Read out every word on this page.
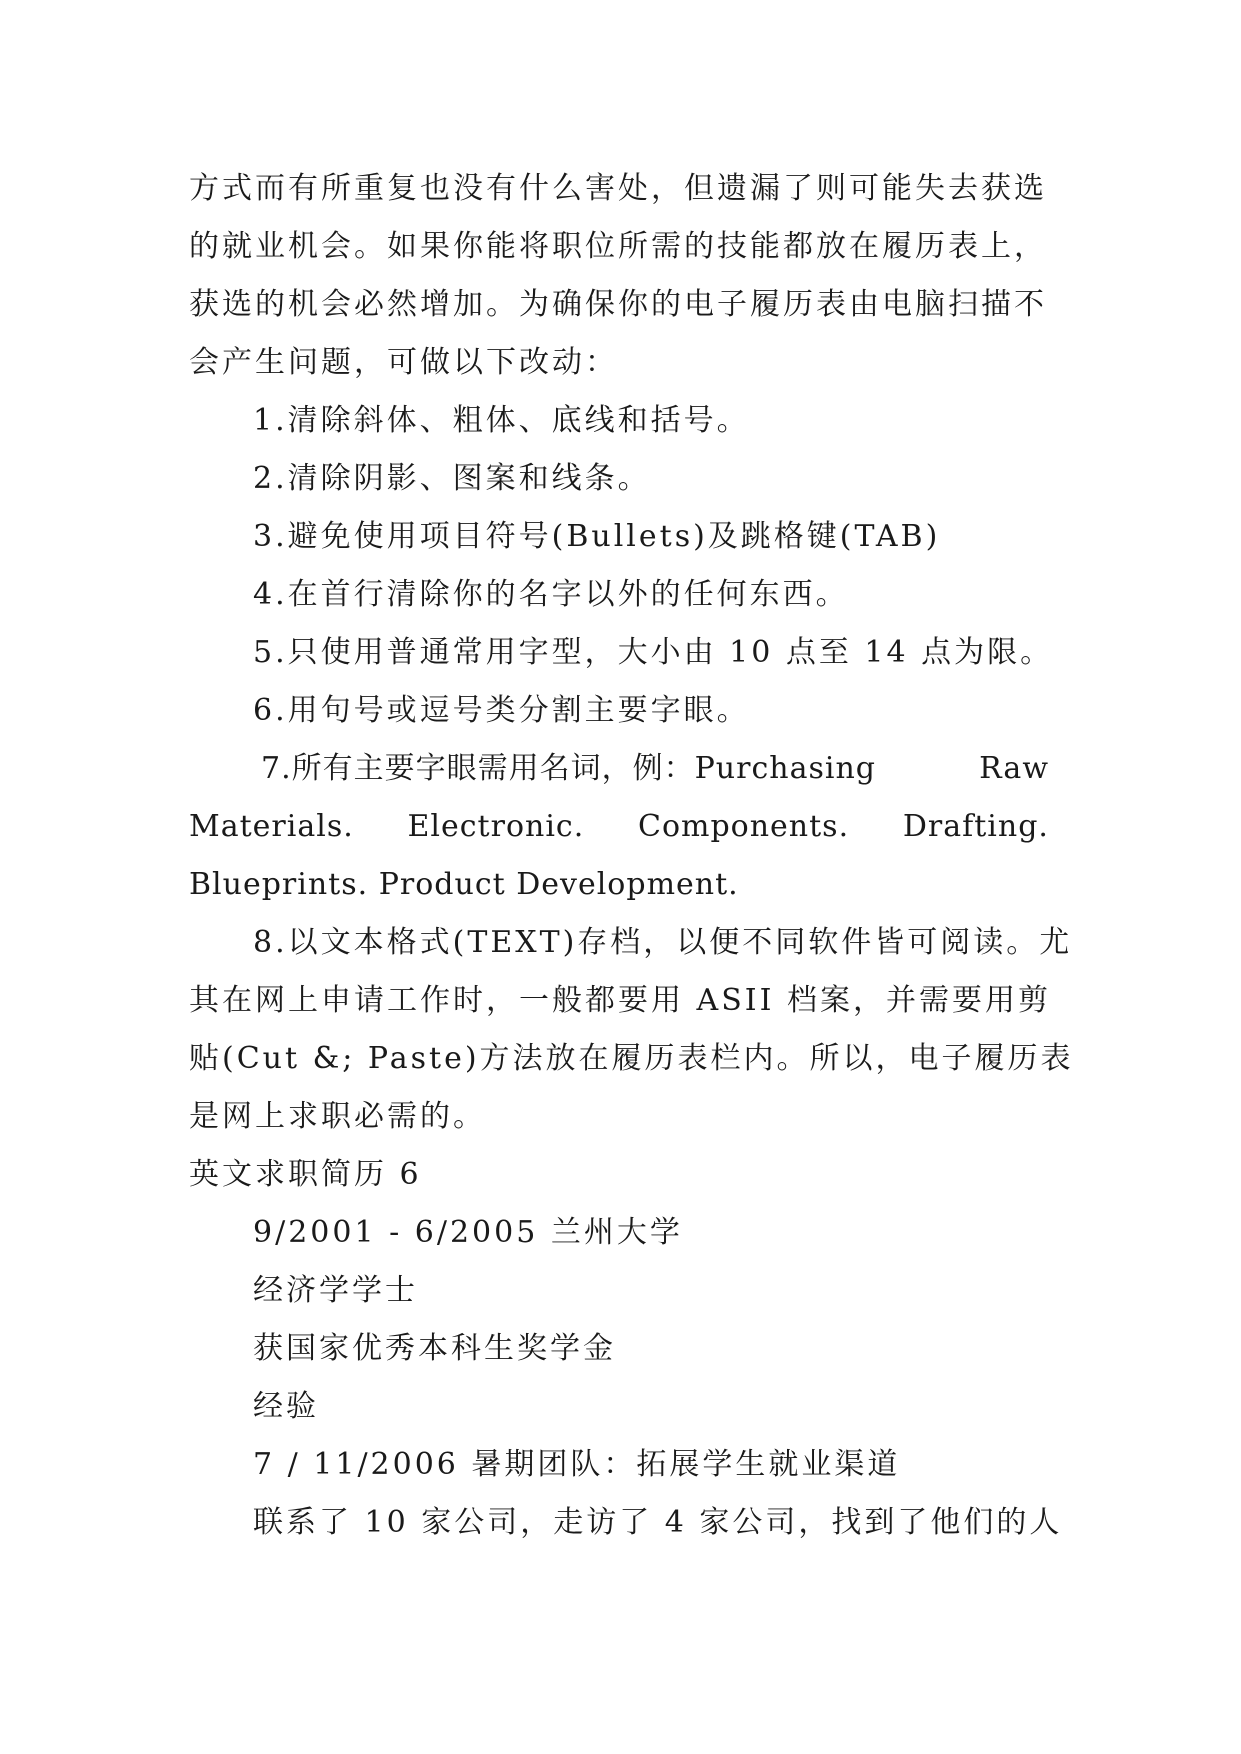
方式而有所重复也没有什么害处，但遗漏了则可能失去获选
的就业机会。如果你能将职位所需的技能都放在履历表上，
获选的机会必然增加。为确保你的电子履历表由电脑扫描不
会产生问题，可做以下改动：
1.清除斜体、粗体、底线和括号。
2.清除阴影、图案和线条。
3.避免使用项目符号(Bullets)及跳格键(TAB)
4.在首行清除你的名字以外的任何东西。
5.只使用普通常用字型，大小由 10 点至 14 点为限。
6.用句号或逗号类分割主要字眼。
7.所有主要字眼需用名词，例：Purchasing	Raw
Materials. Electronic. Components. Drafting.
Blueprints. Product Development.
8.以文本格式(TEXT)存档，以便不同软件皆可阅读。尤
其在网上申请工作时，一般都要用 ASII 档案，并需要用剪
贴(Cut &; Paste)方法放在履历表栏内。所以，电子履历表
是网上求职必需的。
英文求职简历 6
9/2001 - 6/2005 兰州大学
经济学学士
获国家优秀本科生奖学金
经验
7 / 11/2006 暑期团队：拓展学生就业渠道
联系了 10 家公司，走访了 4 家公司，找到了他们的人
